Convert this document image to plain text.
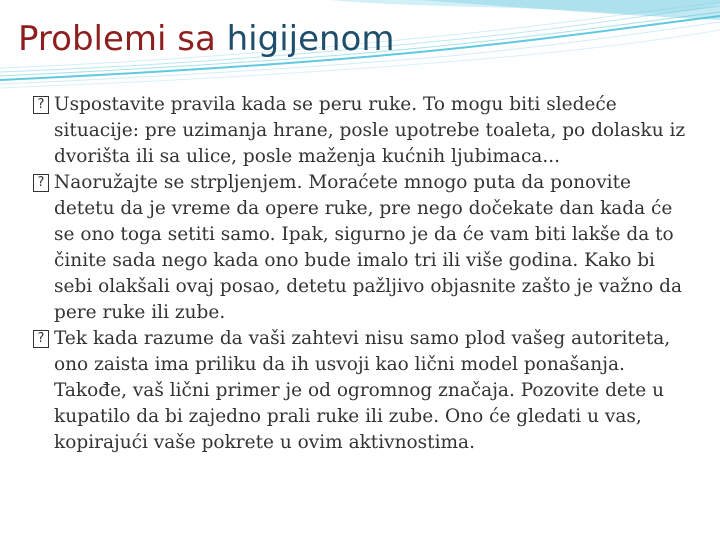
Problemi sa higijenom
? Uspostavite pravila kada se peru ruke. To mogu biti sledeće situacije: pre uzimanja hrane, posle upotrebe toaleta, po dolasku iz dvorišta ili sa ulice, posle maženja kućnih ljubimaca...
? Naoružajte se strpljenjem. Moraćete mnogo puta da ponovite detetu da je vreme da opere ruke, pre nego dočekate dan kada će se ono toga setiti samo. Ipak, sigurno je da će vam biti lakše da to činite sada nego kada ono bude imalo tri ili više godina. Kako bi sebi olakšali ovaj posao, detetu pažljivo objasnite zašto je važno da pere ruke ili zube.
? Tek kada razume da vaši zahtevi nisu samo plod vašeg autoriteta, ono zaista ima priliku da ih usvoji kao lični model ponašanja. Takođe, vaš lični primer je od ogromnog značaja. Pozovite dete u kupatilo da bi zajedno prali ruke ili zube. Ono će gledati u vas, kopirajući vaše pokrete u ovim aktivnostima.
